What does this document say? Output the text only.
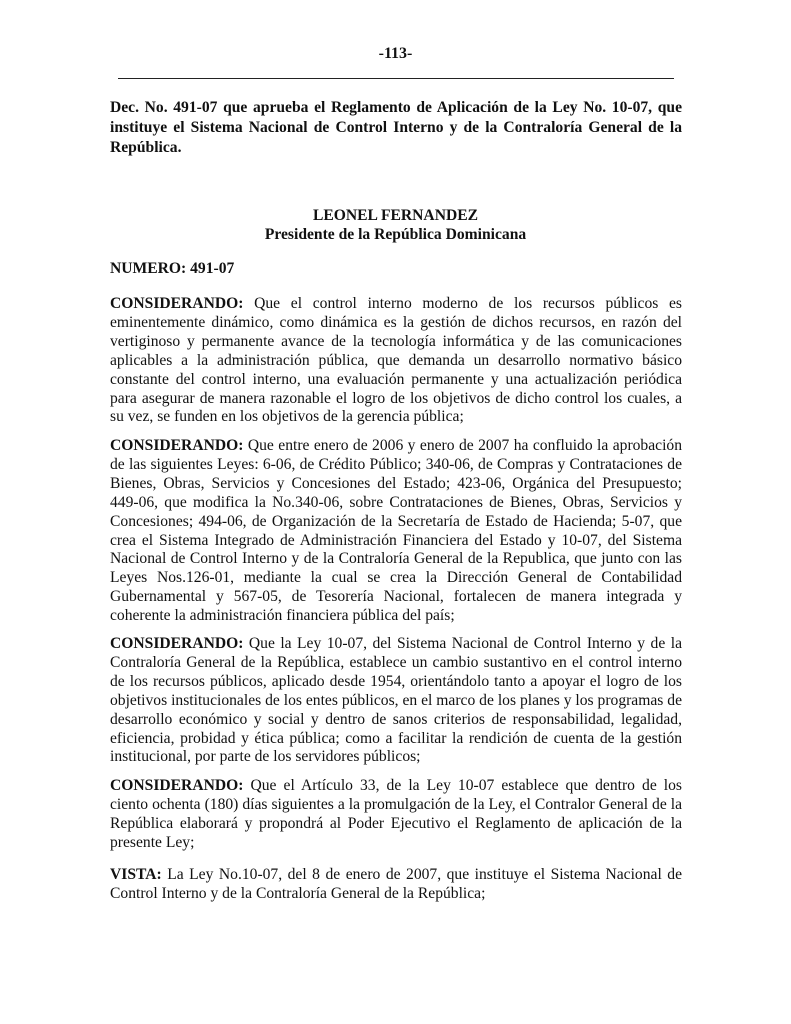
-113-
Dec. No. 491-07 que aprueba el Reglamento de Aplicación de la Ley No. 10-07, que instituye el Sistema Nacional de Control Interno y de la Contraloría General de la República.
LEONEL FERNANDEZ
Presidente de la República Dominicana
NUMERO: 491-07
CONSIDERANDO: Que el control interno moderno de los recursos públicos es eminentemente dinámico, como dinámica es la gestión de dichos recursos, en razón del vertiginoso y permanente avance de la tecnología informática y de las comunicaciones aplicables a la administración pública, que demanda un desarrollo normativo básico constante del control interno, una evaluación permanente y una actualización periódica para asegurar de manera razonable el logro de los objetivos de dicho control los cuales, a su vez, se funden en los objetivos de la gerencia pública;
CONSIDERANDO: Que entre enero de 2006 y enero de 2007 ha confluido la aprobación de las siguientes Leyes: 6-06, de Crédito Público; 340-06, de Compras y Contrataciones de Bienes, Obras, Servicios y Concesiones del Estado; 423-06, Orgánica del Presupuesto; 449-06, que modifica la No.340-06, sobre Contrataciones de Bienes, Obras, Servicios y Concesiones; 494-06, de Organización de la Secretaría de Estado de Hacienda; 5-07, que crea el Sistema Integrado de Administración Financiera del Estado y 10-07, del Sistema Nacional de Control Interno y de la Contraloría General de la Republica, que junto con las Leyes Nos.126-01, mediante la cual se crea la Dirección General de Contabilidad Gubernamental y 567-05, de Tesorería Nacional, fortalecen de manera integrada y coherente la administración financiera pública del país;
CONSIDERANDO: Que la Ley 10-07, del Sistema Nacional de Control Interno y de la Contraloría General de la República, establece un cambio sustantivo en el control interno de los recursos públicos, aplicado desde 1954, orientándolo tanto a apoyar el logro de los objetivos institucionales de los entes públicos, en el marco de los planes y los programas de desarrollo económico y social y dentro de sanos criterios de responsabilidad, legalidad, eficiencia, probidad y ética pública; como a facilitar la rendición de cuenta de la gestión institucional, por parte de los servidores públicos;
CONSIDERANDO: Que el Artículo 33, de la Ley 10-07 establece que dentro de los ciento ochenta (180) días siguientes a la promulgación de la Ley, el Contralor General de la República elaborará y propondrá al Poder Ejecutivo el Reglamento de aplicación de la presente Ley;
VISTA: La Ley No.10-07, del 8 de enero de 2007, que instituye el Sistema Nacional de Control Interno y de la Contraloría General de la República;
